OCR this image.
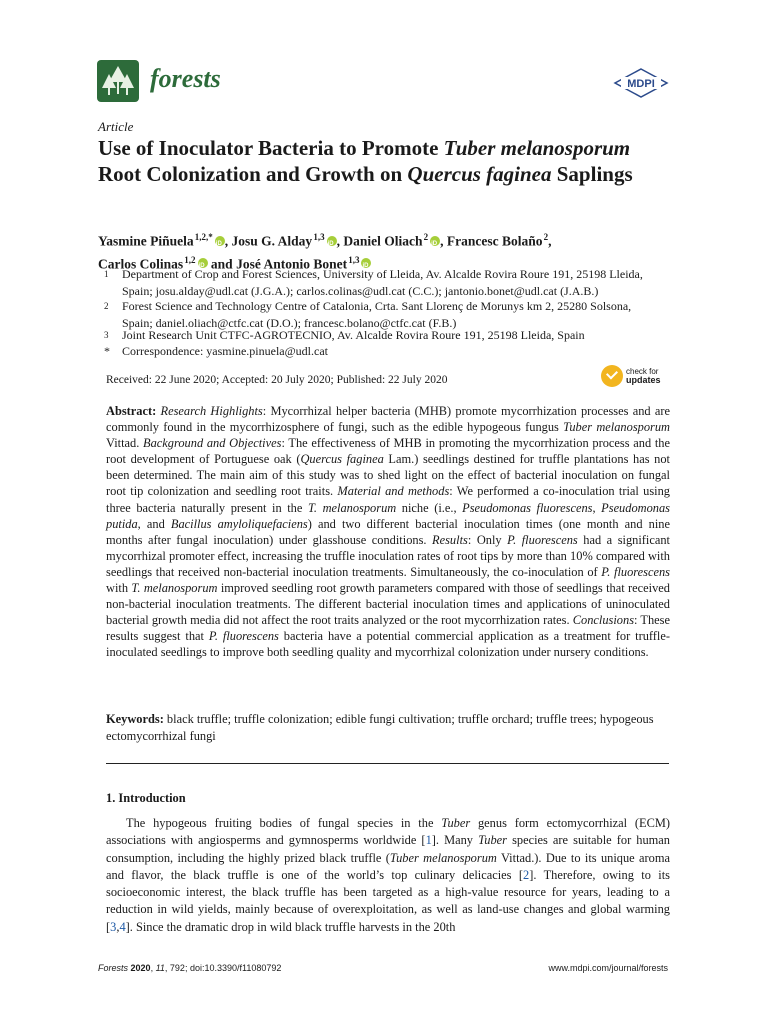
forests	MDPI
Article
Use of Inoculator Bacteria to Promote Tuber melanosporum Root Colonization and Growth on Quercus faginea Saplings
Yasmine Piñuela $^{1,2,*}$ iD , Josu G. Alday $^{1,3}$ iD , Daniel Oliach $^2$ iD , Francesc Bolaño $^2$,
Carlos Colinas $^{1,2}$ iD and José Antonio Bonet $^{1,3}$iD
1 Department of Crop and Forest Sciences, University of Lleida, Av. Alcalde Rovira Roure 191, 25198 Lleida, Spain; josu.alday@udl.cat (J.G.A.); carlos.colinas@udl.cat (C.C.); jantonio.bonet@udl.cat (J.A.B.)
2 Forest Science and Technology Centre of Catalonia, Crta. Sant Llorenç de Morunys km 2, 25280 Solsona, Spain; daniel.oliach@ctfc.cat (D.O.); francesc.bolano@ctfc.cat (F.B.)
3 Joint Research Unit CTFC-AGROTECNIO, Av. Alcalde Rovira Roure 191, 25198 Lleida, Spain
* Correspondence: yasmine.pinuela@udl.cat
Received: 22 June 2020; Accepted: 20 July 2020; Published: 22 July 2020
check for
updates
Abstract: Research Highlights: Mycorrhizal helper bacteria (MHB) promote mycorrhization processes and are commonly found in the mycorrhizosphere of fungi, such as the edible hypogeous fungus Tuber melanosporum Vittad. Background and Objectives: The effectiveness of MHB in promoting the mycorrhization process and the root development of Portuguese oak (Quercus faginea Lam.) seedlings destined for truffle plantations has not been determined. The main aim of this study was to shed light on the effect of bacterial inoculation on fungal root tip colonization and seedling root traits. Material and methods: We performed a co-inoculation trial using three bacteria naturally present in the T. melanosporum niche (i.e., Pseudomonas fluorescens, Pseudomonas putida, and Bacillus amyloliquefaciens) and two different bacterial inoculation times (one month and nine months after fungal inoculation) under glasshouse conditions. Results: Only P. fluorescens had a significant mycorrhizal promoter effect, increasing the truffle inoculation rates of root tips by more than 10% compared with seedlings that received non-bacterial inoculation treatments. Simultaneously, the co-inoculation of P. fluorescens with T. melanosporum improved seedling root growth parameters compared with those of seedlings that received non-bacterial inoculation treatments. The different bacterial inoculation times and applications of uninoculated bacterial growth media did not affect the root traits analyzed or the root mycorrhization rates. Conclusions: These results suggest that P. fluorescens bacteria have a potential commercial application as a treatment for truffle-inoculated seedlings to improve both seedling quality and mycorrhizal colonization under nursery conditions.
Keywords: black truffle; truffle colonization; edible fungi cultivation; truffle orchard; truffle trees; hypogeous ectomycorrhizal fungi
1. Introduction
The hypogeous fruiting bodies of fungal species in the Tuber genus form ectomycorrhizal (ECM) associations with angiosperms and gymnosperms worldwide [1]. Many Tuber species are suitable for human consumption, including the highly prized black truffle (Tuber melanosporum Vittad.). Due to its unique aroma and flavor, the black truffle is one of the world’s top culinary delicacies [2]. Therefore, owing to its socioeconomic interest, the black truffle has been targeted as a high-value resource for years, leading to a reduction in wild yields, mainly because of overexploitation, as well as land-use changes and global warming [3,4]. Since the dramatic drop in wild black truffle harvests in the 20th
Forests 2020, 11, 792; doi:10.3390/f11080792	www.mdpi.com/journal/forests
